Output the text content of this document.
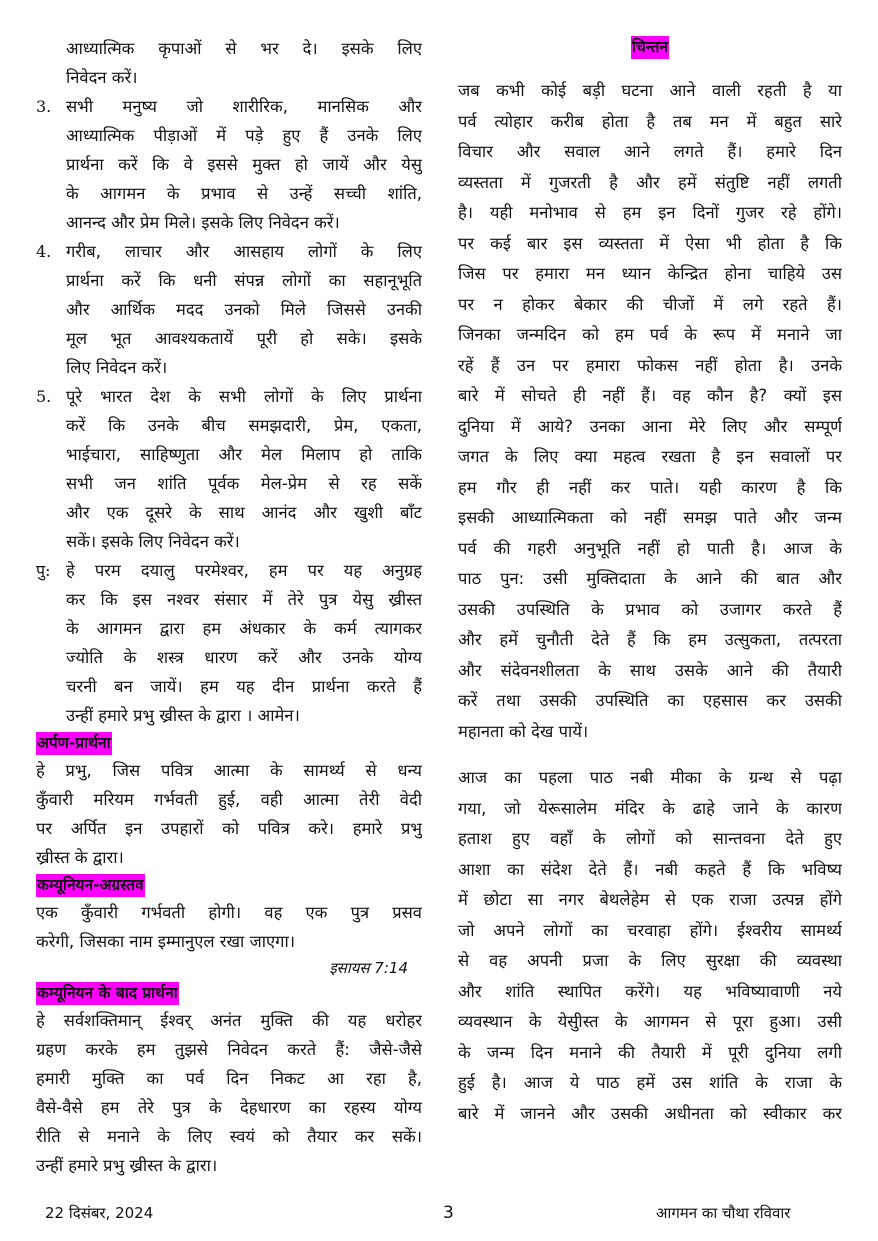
आध्यात्मिक कृपाओं से भर दे। इसके लिए
निवेदन करें।
3. सभी मनुष्य जो शारीरिक, मानसिक और
आध्यात्मिक पीड़ाओं में पड़े हुए हैं उनके लिए
प्रार्थना करें कि वे इससे मुक्त हो जायें और येसु
के आगमन के प्रभाव से उन्हें सच्ची शांति,
आनन्द और प्रेम मिले। इसके लिए निवेदन करें।
4. गरीब, लाचार और आसहाय लोगों के लिए
प्रार्थना करें कि धनी संपन्न लोगों का सहानूभूति
और आर्थिक मदद उनको मिले जिससे उनकी
मूल भूत आवश्यकतायें पूरी हो सके। इसके
लिए निवेदन करें।
5. पूरे भारत देश के सभी लोगों के लिए प्रार्थना
करें कि उनके बीच समझदारी, प्रेम, एकता,
भाईचारा, साहिष्णुता और मेल मिलाप हो ताकि
सभी जन शांति पूर्वक मेल-प्रेम से रह सकें
और एक दूसरे के साथ आनंद और खुशी बाँट
सकें। इसके लिए निवेदन करें।
पु: हे परम दयालु परमेश्वर, हम पर यह अनुग्रह
कर कि इस नश्वर संसार में तेरे पुत्र येसु ख्रीस्त
के आगमन द्वारा हम अंधकार के कर्म त्यागकर
ज्योति के शस्त्र धारण करें और उनके योग्य
चरनी बन जायें। हम यह दीन प्रार्थना करते हैं
उन्हीं हमारे प्रभु ख्रीस्त के द्वारा । आमेन।
अर्पण-प्रार्थना
हे प्रभु, जिस पवित्र आत्मा के सामर्थ्य से धन्य
कुँवारी मरियम गर्भवती हुई, वही आत्मा तेरी वेदी
पर अर्पित इन उपहारों को पवित्र करे। हमारे प्रभु
ख्रीस्त के द्वारा।
कम्यूनियन-अग्रस्तव
एक कुँवारी गर्भवती होगी। वह एक पुत्र प्रसव
करेगी, जिसका नाम इम्मानुएल रखा जाएगा।
इसायस 7:14
कम्यूनियन के बाद प्रार्थना
हे सर्वशक्तिमान् ईश्वर् अनंत मुक्ति की यह धरोहर
ग्रहण करके हम तुझसे निवेदन करते हैं: जैसे-जैसे
हमारी मुक्ति का पर्व दिन निकट आ रहा है,
वैसे-वैसे हम तेरे पुत्र के देहधारण का रहस्य योग्य
रीति से मनाने के लिए स्वयं को तैयार कर सकें।
उन्हीं हमारे प्रभु ख्रीस्त के द्वारा।
चिन्तन
जब कभी कोई बड़ी घटना आने वाली रहती है या
पर्व त्योहार करीब होता है तब मन में बहुत सारे
विचार और सवाल आने लगते हैं। हमारे दिन
व्यस्तता में गुजरती है और हमें संतुष्टि नहीं लगती
है। यही मनोभाव से हम इन दिनों गुजर रहे होंगे।
पर कई बार इस व्यस्तता में ऐसा भी होता है कि
जिस पर हमारा मन ध्यान केन्द्रित होना चाहिये उस
पर न होकर बेकार की चीजों में लगे रहते हैं।
जिनका जन्मदिन को हम पर्व के रूप में मनाने जा
रहें हैं उन पर हमारा फोकस नहीं होता है। उनके
बारे में सोचते ही नहीं हैं। वह कौन है? क्यों इस
दुनिया में आये? उनका आना मेरे लिए और सम्पूर्ण
जगत के लिए क्या महत्व रखता है इन सवालों पर
हम गौर ही नहीं कर पाते। यही कारण है कि
इसकी आध्यात्मिकता को नहीं समझ पाते और जन्म
पर्व की गहरी अनुभूति नहीं हो पाती है। आज के
पाठ पुन: उसी मुक्तिदाता के आने की बात और
उसकी उपस्थिति के प्रभाव को उजागर करते हैं
और हमें चुनौती देते हैं कि हम उत्सुकता, तत्परता
और संदेवनशीलता के साथ उसके आने की तैयारी
करें तथा उसकी उपस्थिति का एहसास कर उसकी
महानता को देख पायें।
आज का पहला पाठ नबी मीका के ग्रन्थ से पढ़ा
गया, जो येरूसालेम मंदिर के ढाहे जाने के कारण
हताश हुए वहाँ के लोगों को सान्तवना देते हुए
आशा का संदेश देते हैं। नबी कहते हैं कि भविष्य
में छोटा सा नगर बेथलेहेम से एक राजा उत्पन्न होंगे
जो अपने लोगों का चरवाहा होंगे। ईश्वरीय सामर्थ्य
से वह अपनी प्रजा के लिए सुरक्षा की व्यवस्था
और शांति स्थापित करेंगे। यह भविष्यावाणी नये
व्यवस्थान के येसुीस्त के आगमन से पूरा हुआ। उसी
के जन्म दिन मनाने की तैयारी में पूरी दुनिया लगी
हुई है। आज ये पाठ हमें उस शांति के राजा के
बारे में जानने और उसकी अधीनता को स्वीकार कर
22 दिसंबर, 2024	3	आगमन का चौथा रविवार
